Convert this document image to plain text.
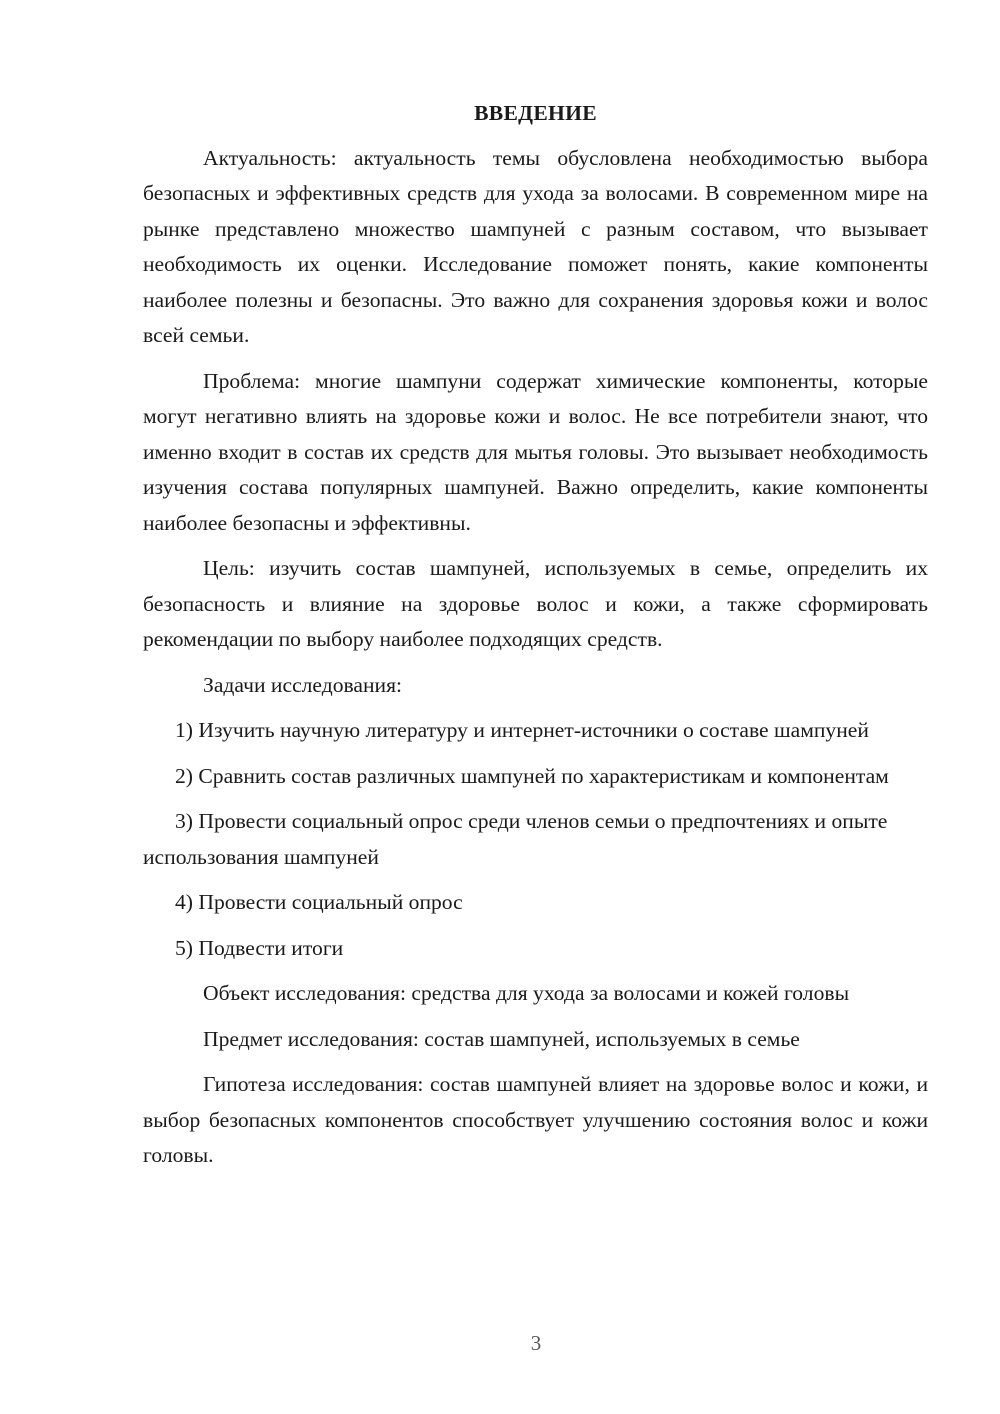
ВВЕДЕНИЕ

Актуальность: актуальность темы обусловлена необходимостью выбора безопасных и эффективных средств для ухода за волосами. В современном мире на рынке представлено множество шампуней с разным составом, что вызывает необходимость их оценки. Исследование поможет понять, какие компоненты наиболее полезны и безопасны. Это важно для сохранения здоровья кожи и волос всей семьи.

Проблема: многие шампуни содержат химические компоненты, которые могут негативно влиять на здоровье кожи и волос. Не все потребители знают, что именно входит в состав их средств для мытья головы. Это вызывает необходимость изучения состава популярных шампуней. Важно определить, какие компоненты наиболее безопасны и эффективны.

Цель: изучить состав шампуней, используемых в семье, определить их безопасность и влияние на здоровье волос и кожи, а также сформировать рекомендации по выбору наиболее подходящих средств.

Задачи исследования:

1) Изучить научную литературу и интернет-источники о составе шампуней

2) Сравнить состав различных шампуней по характеристикам и компонентам

3) Провести социальный опрос среди членов семьи о предпочтениях и опыте использования шампуней

4) Провести социальный опрос

5) Подвести итоги

Объект исследования: средства для ухода за волосами и кожей головы

Предмет исследования: состав шампуней, используемых в семье

Гипотеза исследования: состав шампуней влияет на здоровье волос и кожи, и выбор безопасных компонентов способствует улучшению состояния волос и кожи головы.

3
